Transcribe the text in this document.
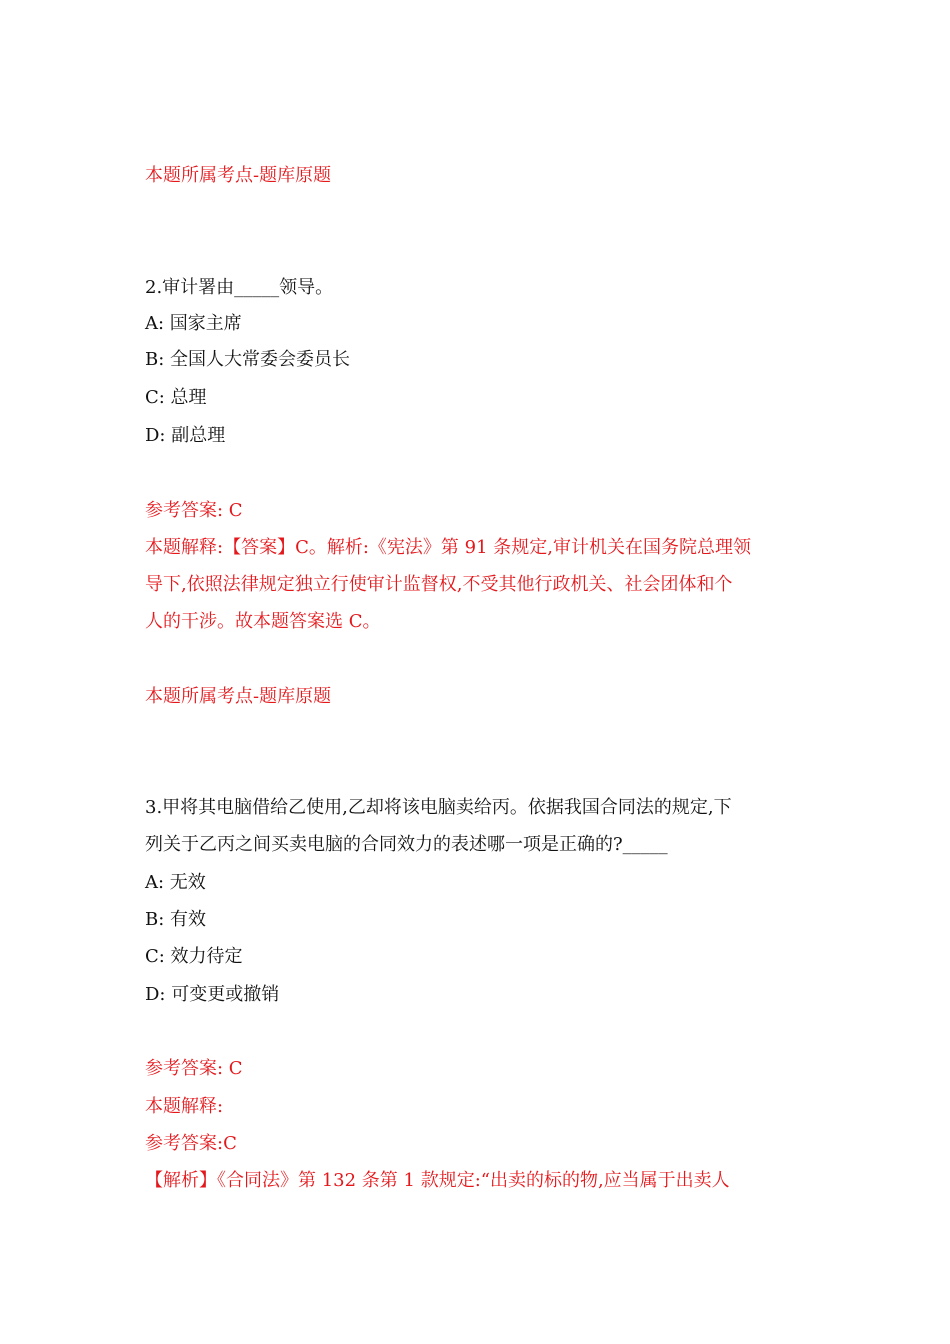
本题所属考点-题库原题
2.审计署由_____领导。
A: 国家主席
B: 全国人大常委会委员长
C: 总理
D: 副总理
参考答案: C
本题解释:【答案】C。解析:《宪法》第 91 条规定,审计机关在国务院总理领
导下,依照法律规定独立行使审计监督权,不受其他行政机关、社会团体和个
人的干涉。故本题答案选 C。
本题所属考点-题库原题
3.甲将其电脑借给乙使用,乙却将该电脑卖给丙。依据我国合同法的规定,下
列关于乙丙之间买卖电脑的合同效力的表述哪一项是正确的?_____
A: 无效
B: 有效
C: 效力待定
D: 可变更或撤销
参考答案: C
本题解释:
参考答案:C
【解析】《合同法》第 132 条第 1 款规定:“出卖的标的物,应当属于出卖人
